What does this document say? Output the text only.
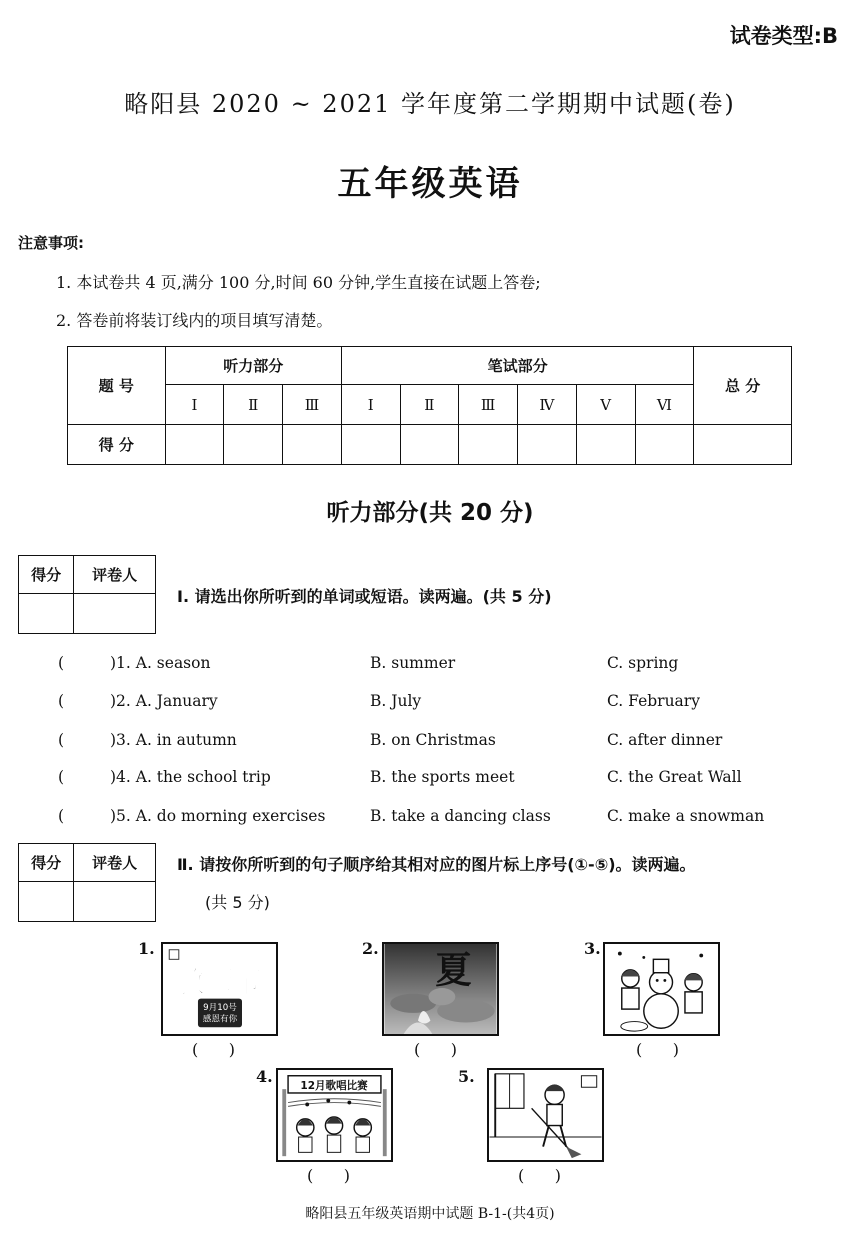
试卷类型:B
略阳县 2020 ~ 2021 学年度第二学期期中试题(卷)
五年级英语
注意事项:
1. 本试卷共 4 页,满分 100 分,时间 60 分钟,学生直接在试题上答卷;
2. 答卷前将装订线内的项目填写清楚。
题 号	听力部分			笔试部分						总 分
	Ⅰ	Ⅱ	Ⅲ	Ⅰ	Ⅱ	Ⅲ	Ⅳ	Ⅴ	Ⅵ	
得 分										
听力部分(共 20 分)
得分	评卷人

Ⅰ. 请选出你所听到的单词或短语。读两遍。(共 5 分)
(	)1. A. season	B. summer	C. spring
(	)2. A. January	B. July	C. February
(	)3. A. in autumn	B. on Christmas	C. after dinner
(	)4. A. the school trip	B. the sports meet	C. the Great Wall
(	)5. A. do morning exercises	B. take a dancing class	C. make a snowman
得分	评卷人
	Ⅱ. 请按你所听到的句子顺序给其相对应的图片标上序号(①-⑤)。读两遍。
(共 5 分)
1.
教师节
9月10号
感恩有你
(      )
2. 夏
(      )
3.
(      )
4.
12月歌唱比赛
(      )
5.
(      )
略阳县五年级英语期中试题 B-1-(共4页)
